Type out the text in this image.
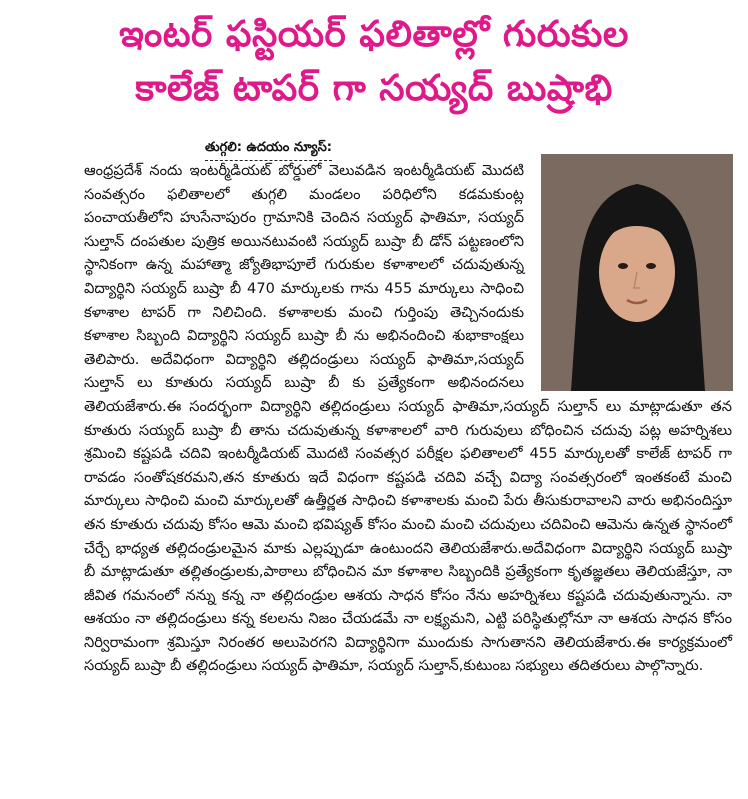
ఇంటర్ ఫస్టియర్ ఫలితాల్లో గురుకుల
కాలేజ్ టాపర్ గా సయ్యద్ బుష్రాభి
తుగ్గలి: ఉదయం న్యూస్:
ఆంధ్రప్రదేశ్ నందు ఇంటర్మీడియట్ బోర్డులో వెలువడిన ఇంటర్మీడియట్ మొదటి సంవత్సరం ఫలితాలలో తుగ్గలి మండలం పరిధిలోని కడమకుంట్ల పంచాయతీలోని హుసేనాపురం గ్రామానికి చెందిన సయ్యద్ ఫాతిమా, సయ్యద్ సుల్తాన్ దంపతుల పుత్రిక అయినటువంటి సయ్యద్ బుష్రా బీ డోన్ పట్టణంలోని స్థానికంగా ఉన్న మహాత్మా జ్యోతిభాపూలే గురుకుల కళాశాలలో చదువుతున్న విద్యార్థిని సయ్యద్ బుష్రా బీ 470 మార్కులకు గాను 455 మార్కులు సాధించి కళాశాల టాపర్ గా నిలిచింది. కళాశాలకు మంచి గుర్తింపు తెచ్చినందుకు కళాశాల సిబ్బంది విద్యార్థిని సయ్యద్ బుష్రా బీ ను అభినందించి శుభాకాంక్షలు తెలిపారు. అదేవిధంగా విద్యార్థిని తల్లిదండ్రులు సయ్యద్ ఫాతిమా,సయ్యద్ సుల్తాన్ లు కూతురు సయ్యద్ బుష్రా బీ కు ప్రత్యేకంగా అభినందనలు తెలియజేశారు.ఈ సందర్భంగా విద్యార్థిని తల్లిదండ్రులు సయ్యద్ ఫాతిమా,సయ్యద్ సుల్తాన్ లు మాట్లాడుతూ తన కూతురు సయ్యద్ బుష్రా బీ తాను చదువుతున్న కళాశాలలో వారి గురువులు బోధించిన చదువు పట్ల అహర్నిశలు శ్రమించి కష్టపడి చదివి ఇంటర్మీడియట్ మొదటి సంవత్సర పరీక్షల ఫలితాలలో 455 మార్కులతో కాలేజ్ టాపర్ గా రావడం సంతోషకరమని,తన కూతురు ఇదే విధంగా కష్టపడి చదివి వచ్చే విద్యా సంవత్సరంలో ఇంతకంటే మంచి మార్కులు సాధించి మంచి మార్కులతో ఉత్తీర్ణత సాధించి కళాశాలకు మంచి పేరు తీసుకురావాలని వారు అభినందిస్తూ తన కూతురు చదువు కోసం ఆమె మంచి భవిష్యత్ కోసం మంచి మంచి చదువులు చదివించి ఆమెను ఉన్నత స్థానంలో చేర్చే భాధ్యత తల్లిదండ్రులమైన మాకు ఎల్లప్పుడూ ఉంటుందని తెలియజేశారు.అదేవిధంగా విద్యార్థిని సయ్యద్ బుష్రా బీ మాట్లాడుతూ తల్లితండ్రులకు,పాఠాలు బోధించిన మా కళాశాల సిబ్బందికి ప్రత్యేకంగా కృతజ్ఞతలు తెలియజేస్తూ, నా జీవిత గమనంలో నన్ను కన్న నా తల్లిదండ్రుల ఆశయ సాధన కోసం నేను అహర్నిశలు కష్టపడి చదువుతున్నాను. నా ఆశయం నా తల్లిదండ్రులు కన్న కలలను నిజం చేయడమే నా లక్ష్యమని, ఎట్టి పరిస్థితుల్లోనూ నా ఆశయ సాధన కోసం నిర్విరామంగా శ్రమిస్తూ నిరంతర అలుపెరగని విద్యార్థినిగా ముందుకు సాగుతానని తెలియజేశారు.ఈ కార్యక్రమంలో సయ్యద్ బుష్రా బీ తల్లిదండ్రులు సయ్యద్ ఫాతిమా, సయ్యద్ సుల్తాన్,కుటుంబ సభ్యులు తదితరులు పాల్గొన్నారు.
